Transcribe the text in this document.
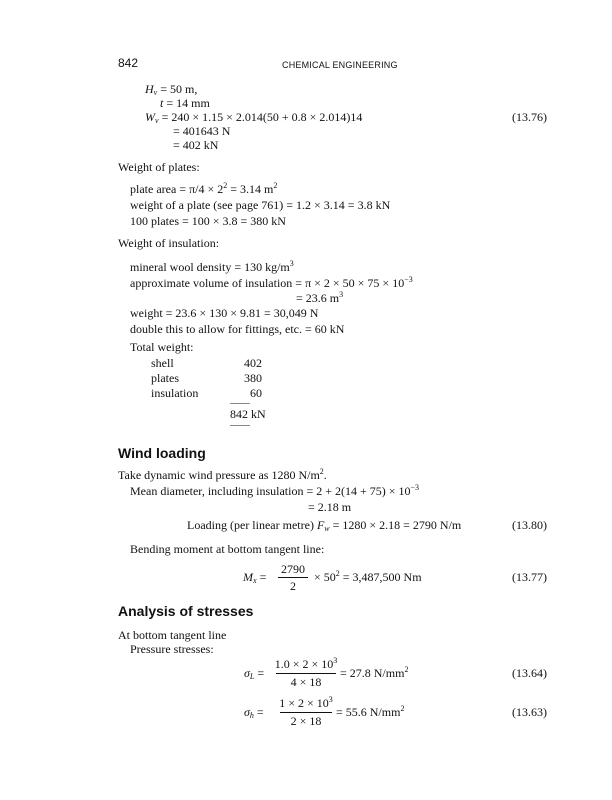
842	CHEMICAL ENGINEERING
$H_v = 50$ m,
t = 14 mm
$W_v = 240 \times 1.15 \times 2.014(50 + 0.8 \times 2.014)14$	(13.76)
= 401643 N
= 402 kN
Weight of plates:
plate area = $\pi/4 \times 2^2 = 3.14$ $m^2$
weight of a plate (see page 761) = 1.2 × 3.14 = 3.8 kN
100 plates = 100 × 3.8 = 380 kN
Weight of insulation:
mineral wool density = 130 $kg/m^3$
approximate volume of insulation = $\pi \times 2 \times 50 \times 75 \times 10^{-3}$
= 23.6 $m^3$
weight = 23.6 × 130 × 9.81 = 30,049 N
double this to allow for fittings, etc. = 60 kN
Total weight:
shell	402
plates	380
insulation	60
842 kN
Wind loading
Take dynamic wind pressure as 1280 $N/m^2$.
Mean diameter, including insulation = $2 + 2(14 + 75) \times 10^{-3}$
= 2.18 m
Loading (per linear metre) $F_w = 1280 \times 2.18 = 2790$ N/m	(13.80)
Bending moment at bottom tangent line:
$M_x$ =
2790
2
× $50^2 = 3,487,500$ Nm	(13.77)
Analysis of stresses
At bottom tangent line
Pressure stresses:
$\sigma_L$ =
$1.0 \times 2 \times 10^3$
4 × 18
= 27.8 $N/mm^2$	(13.64)
$\sigma_h$ =
$1 \times 2 \times 10^3$
2 × 18
= 55.6 $N/mm^2$	(13.63)
